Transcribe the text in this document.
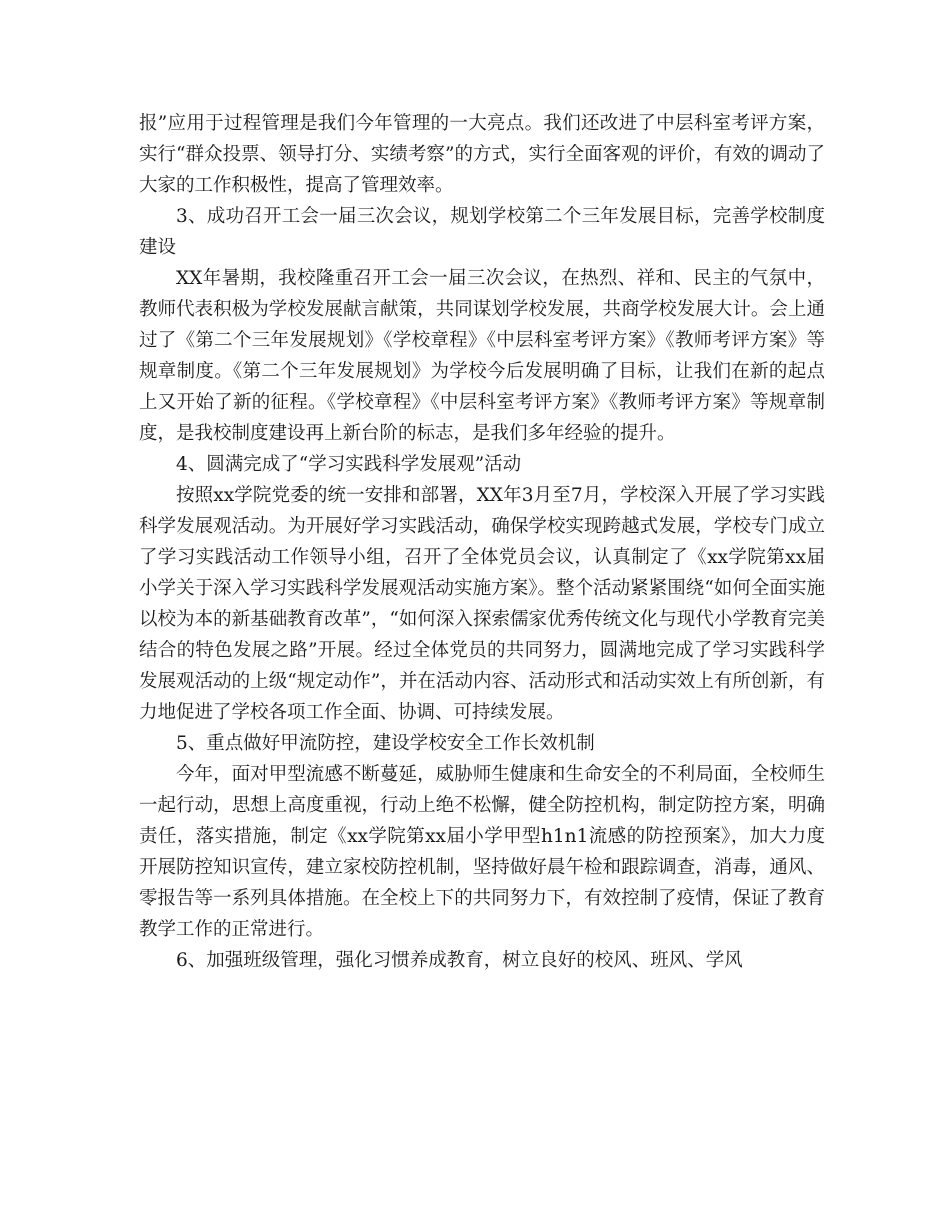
报”应用于过程管理是我们今年管理的一大亮点。我们还改进了中层科室考评方案，实行“群众投票、领导打分、实绩考察”的方式，实行全面客观的评价，有效的调动了大家的工作积极性，提高了管理效率。

3、成功召开工会一届三次会议，规划学校第二个三年发展目标，完善学校制度建设

XX年暑期，我校隆重召开工会一届三次会议，在热烈、祥和、民主的气氛中，教师代表积极为学校发展献言献策，共同谋划学校发展，共商学校发展大计。会上通过了《第二个三年发展规划》《学校章程》《中层科室考评方案》《教师考评方案》等规章制度。《第二个三年发展规划》为学校今后发展明确了目标，让我们在新的起点上又开始了新的征程。《学校章程》《中层科室考评方案》《教师考评方案》等规章制度，是我校制度建设再上新台阶的标志，是我们多年经验的提升。

4、圆满完成了“学习实践科学发展观”活动

按照xx学院党委的统一安排和部署，XX年3月至7月，学校深入开展了学习实践科学发展观活动。为开展好学习实践活动，确保学校实现跨越式发展，学校专门成立了学习实践活动工作领导小组，召开了全体党员会议，认真制定了《xx学院第xx届小学关于深入学习实践科学发展观活动实施方案》。整个活动紧紧围绕“如何全面实施以校为本的新基础教育改革”，“如何深入探索儒家优秀传统文化与现代小学教育完美结合的特色发展之路”开展。经过全体党员的共同努力，圆满地完成了学习实践科学发展观活动的上级“规定动作”，并在活动内容、活动形式和活动实效上有所创新，有力地促进了学校各项工作全面、协调、可持续发展。

5、重点做好甲流防控，建设学校安全工作长效机制

今年，面对甲型流感不断蔓延，威胁师生健康和生命安全的不利局面，全校师生一起行动，思想上高度重视，行动上绝不松懈，健全防控机构，制定防控方案，明确责任，落实措施，制定《xx学院第xx届小学甲型h1n1流感的防控预案》，加大力度开展防控知识宣传，建立家校防控机制，坚持做好晨午检和跟踪调查，消毒，通风、零报告等一系列具体措施。在全校上下的共同努力下，有效控制了疫情，保证了教育教学工作的正常进行。

6、加强班级管理，强化习惯养成教育，树立良好的校风、班风、学风
